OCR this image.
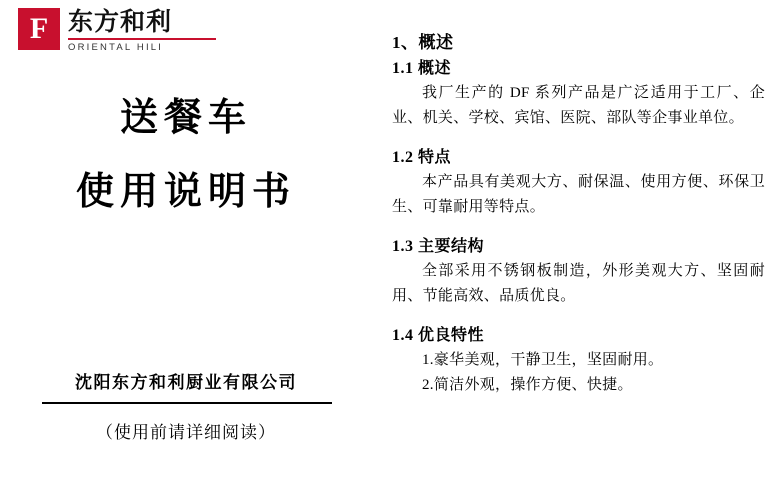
F 东方和利
ORIENTAL HILI
送餐车
使用说明书
沈阳东方和利厨业有限公司
（使用前请详细阅读）
1、概述
1.1 概述
我厂生产的 DF 系列产品是广泛适用于工厂、企业、机关、学校、宾馆、医院、部队等企事业单位。
1.2 特点
本产品具有美观大方、耐保温、使用方便、环保卫生、可靠耐用等特点。
1.3 主要结构
全部采用不锈钢板制造，外形美观大方、坚固耐用、节能高效、品质优良。
1.4 优良特性
1.豪华美观，干静卫生，坚固耐用。
2.简洁外观，操作方便、快捷。
